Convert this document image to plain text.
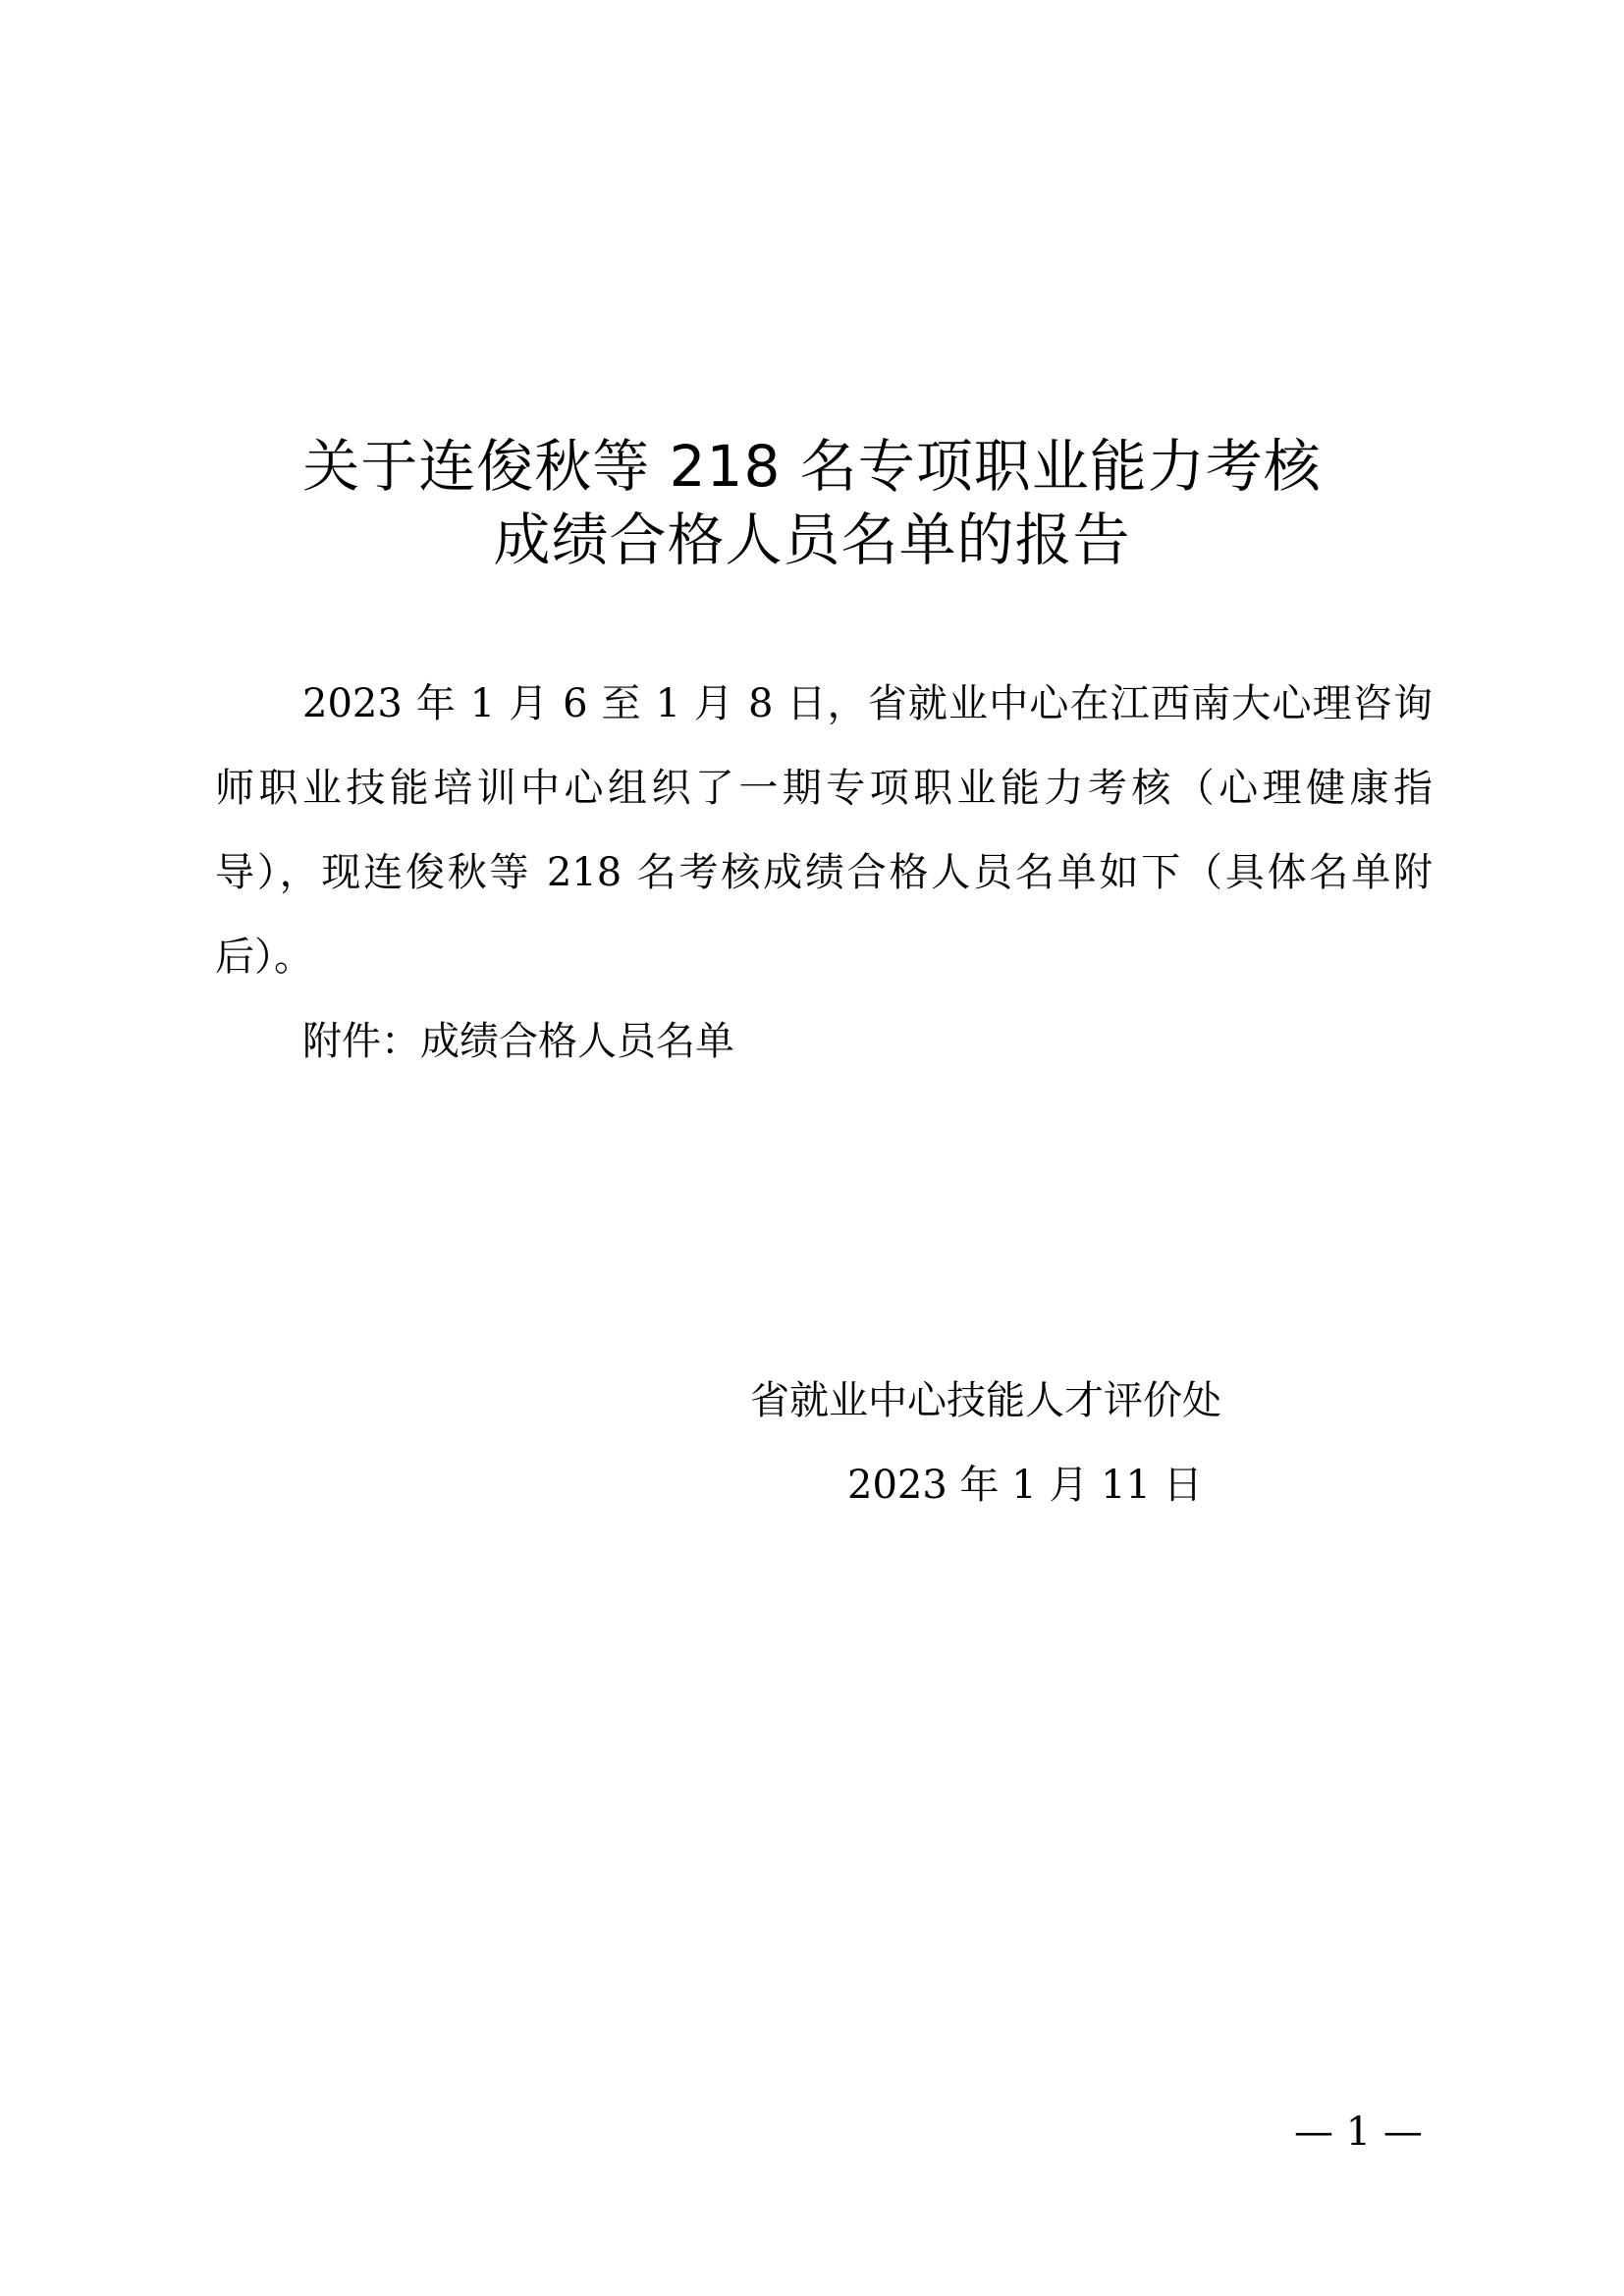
关于连俊秋等 218 名专项职业能力考核
成绩合格人员名单的报告
2023 年 1 月 6 至 1 月 8 日，省就业中心在江西南大心理咨询
师职业技能培训中心组织了一期专项职业能力考核（心理健康指
导），现连俊秋等 218 名考核成绩合格人员名单如下（具体名单附
后）。
附件：成绩合格人员名单
省就业中心技能人才评价处
2023 年 1 月 11 日
— 1 —
